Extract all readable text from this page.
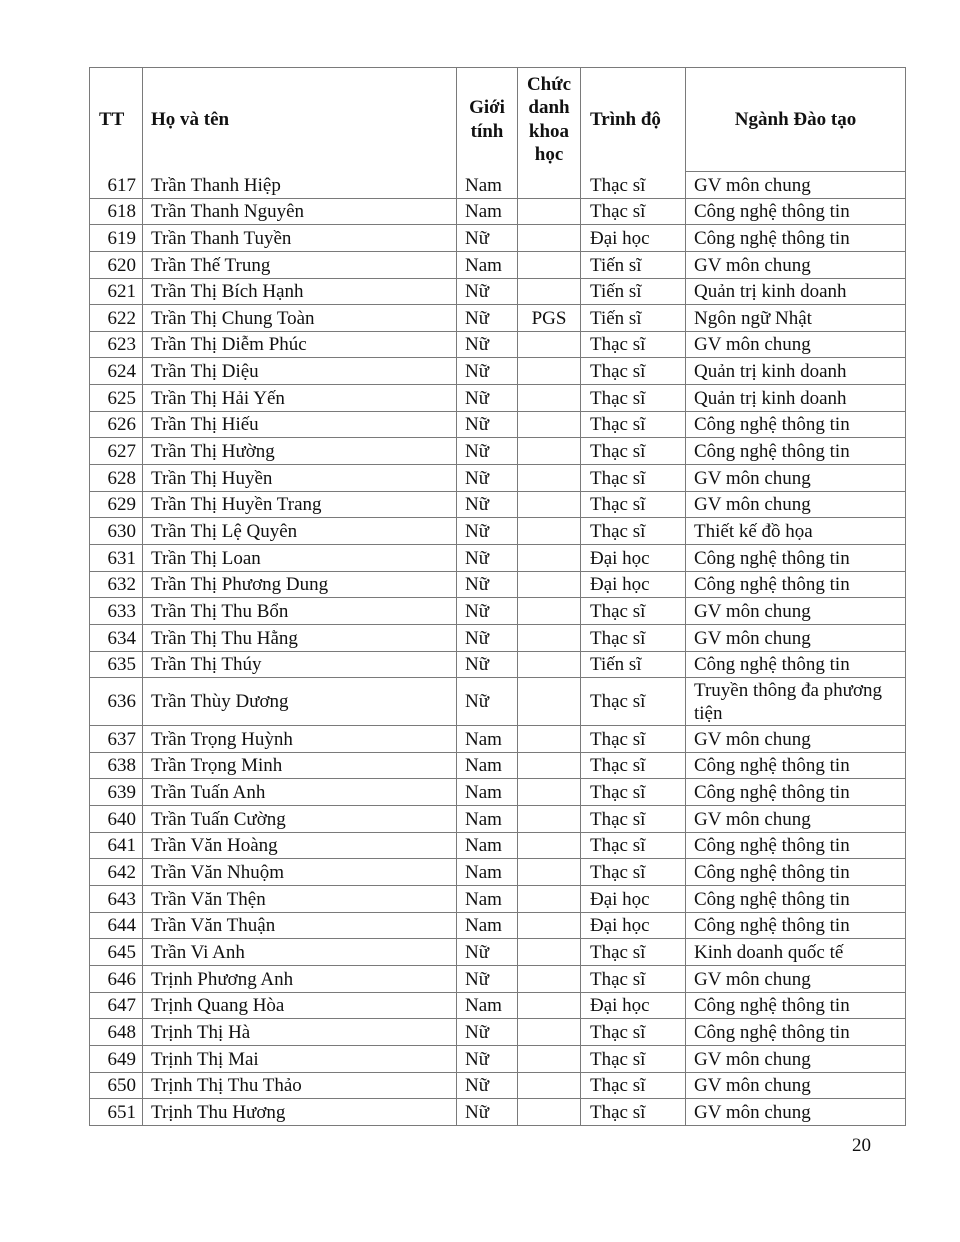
TT	Họ và tên	Giới tính	Chức danh khoa học	Trình độ	Ngành Đào tạo
617	Trần Thanh Hiệp	Nam		Thạc sĩ	GV môn chung
618	Trần Thanh Nguyên	Nam		Thạc sĩ	Công nghệ thông tin
619	Trần Thanh Tuyền	Nữ		Đại học	Công nghệ thông tin
620	Trần Thế Trung	Nam		Tiến sĩ	GV môn chung
621	Trần Thị Bích Hạnh	Nữ		Tiến sĩ	Quản trị kinh doanh
622	Trần Thị Chung Toàn	Nữ	PGS	Tiến sĩ	Ngôn ngữ Nhật
623	Trần Thị Diễm Phúc	Nữ		Thạc sĩ	GV môn chung
624	Trần Thị Diệu	Nữ		Thạc sĩ	Quản trị kinh doanh
625	Trần Thị Hải Yến	Nữ		Thạc sĩ	Quản trị kinh doanh
626	Trần Thị Hiếu	Nữ		Thạc sĩ	Công nghệ thông tin
627	Trần Thị Hường	Nữ		Thạc sĩ	Công nghệ thông tin
628	Trần Thị Huyền	Nữ		Thạc sĩ	GV môn chung
629	Trần Thị Huyền Trang	Nữ		Thạc sĩ	GV môn chung
630	Trần Thị Lệ Quyên	Nữ		Thạc sĩ	Thiết kế đồ họa
631	Trần Thị Loan	Nữ		Đại học	Công nghệ thông tin
632	Trần Thị Phương Dung	Nữ		Đại học	Công nghệ thông tin
633	Trần Thị Thu Bổn	Nữ		Thạc sĩ	GV môn chung
634	Trần Thị Thu Hằng	Nữ		Thạc sĩ	GV môn chung
635	Trần Thị Thúy	Nữ		Tiến sĩ	Công nghệ thông tin
636	Trần Thùy Dương	Nữ		Thạc sĩ	Truyền thông đa phương tiện
637	Trần Trọng Huỳnh	Nam		Thạc sĩ	GV môn chung
638	Trần Trọng Minh	Nam		Thạc sĩ	Công nghệ thông tin
639	Trần Tuấn Anh	Nam		Thạc sĩ	Công nghệ thông tin
640	Trần Tuấn Cường	Nam		Thạc sĩ	GV môn chung
641	Trần Văn Hoàng	Nam		Thạc sĩ	Công nghệ thông tin
642	Trần Văn Nhuộm	Nam		Thạc sĩ	Công nghệ thông tin
643	Trần Văn Thện	Nam		Đại học	Công nghệ thông tin
644	Trần Văn Thuận	Nam		Đại học	Công nghệ thông tin
645	Trần Vi Anh	Nữ		Thạc sĩ	Kinh doanh quốc tế
646	Trịnh Phương Anh	Nữ		Thạc sĩ	GV môn chung
647	Trịnh Quang Hòa	Nam		Đại học	Công nghệ thông tin
648	Trịnh Thị Hà	Nữ		Thạc sĩ	Công nghệ thông tin
649	Trịnh Thị Mai	Nữ		Thạc sĩ	GV môn chung
650	Trịnh Thị Thu Thảo	Nữ		Thạc sĩ	GV môn chung
651	Trịnh Thu Hương	Nữ		Thạc sĩ	GV môn chung
20
